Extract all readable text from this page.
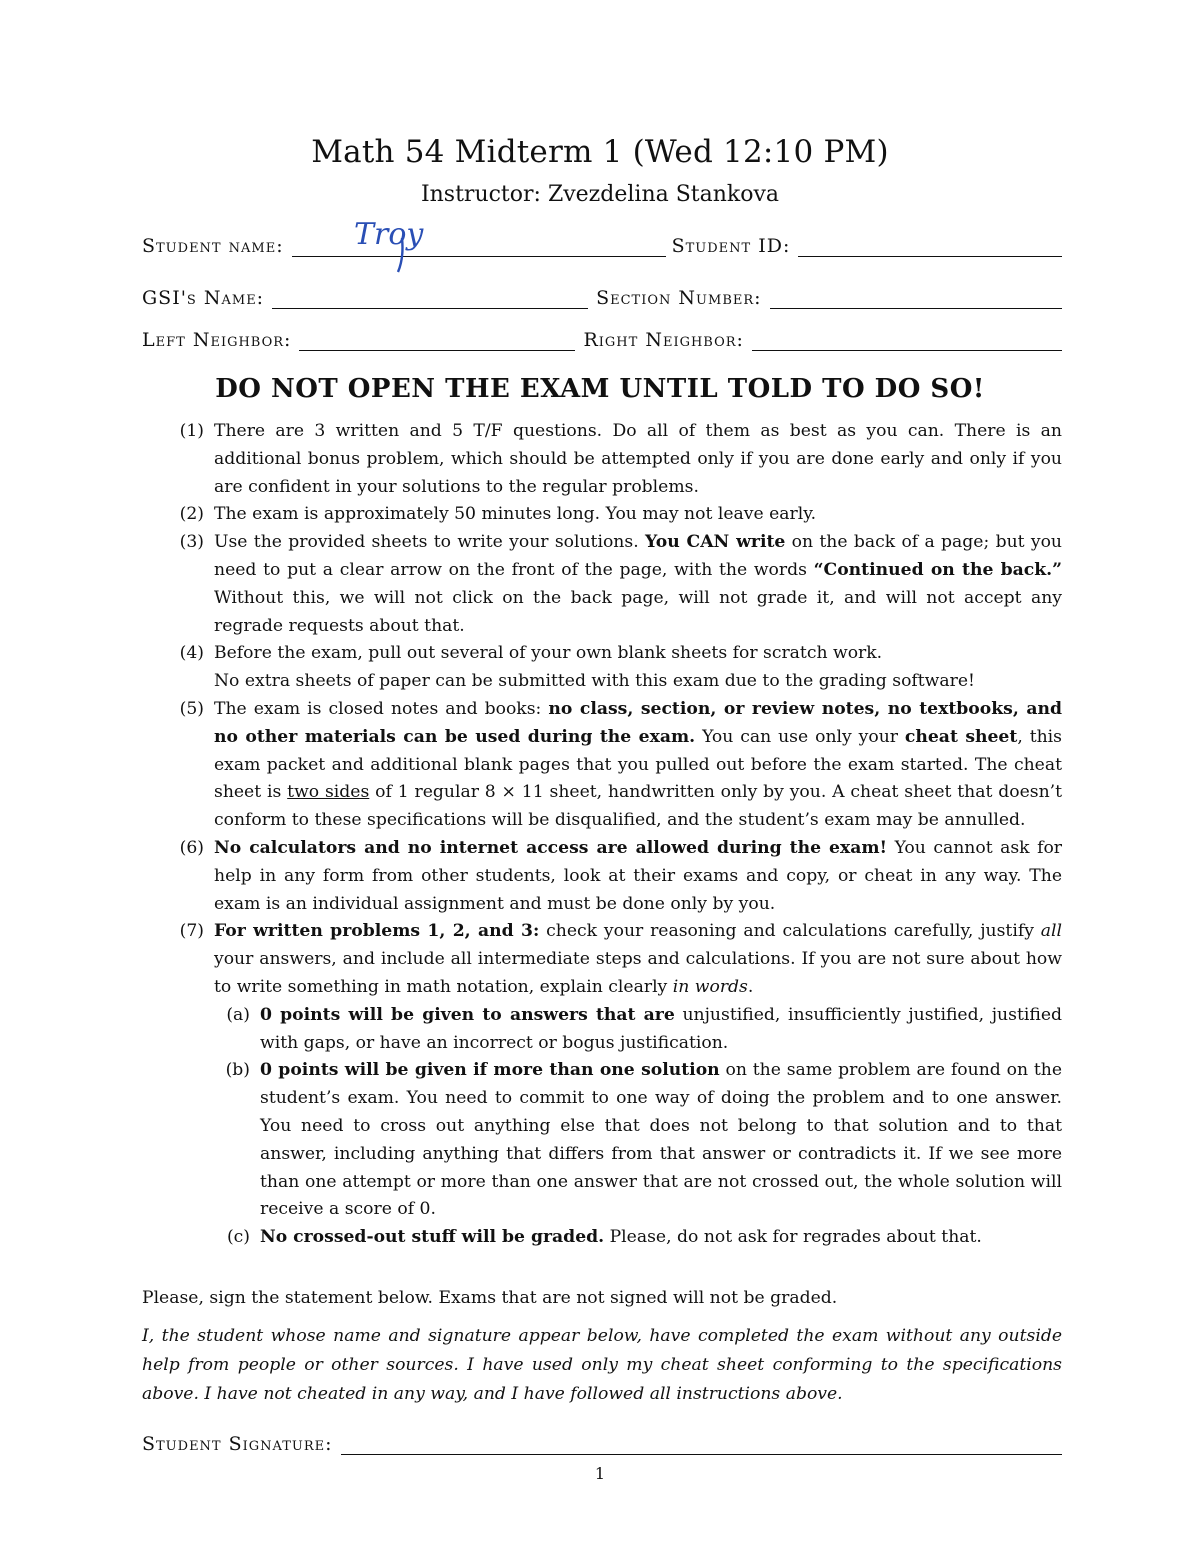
Math 54 Midterm 1 (Wed 12:10 PM)
Instructor: Zvezdelina Stankova
Student name:	Student ID:
Troy
GSI's Name:	Section Number:
Left Neighbor:	Right Neighbor:
DO NOT OPEN THE EXAM UNTIL TOLD TO DO SO!
(1) There are 3 written and 5 T/F questions. Do all of them as best as you can. There is an additional bonus problem, which should be attempted only if you are done early and only if you are confident in your solutions to the regular problems.
(2) The exam is approximately 50 minutes long. You may not leave early.
(3) Use the provided sheets to write your solutions. You CAN write on the back of a page; but you need to put a clear arrow on the front of the page, with the words “Continued on the back.” Without this, we will not click on the back page, will not grade it, and will not accept any regrade requests about that.
(4) Before the exam, pull out several of your own blank sheets for scratch work.
No extra sheets of paper can be submitted with this exam due to the grading software!
(5) The exam is closed notes and books: no class, section, or review notes, no textbooks, and no other materials can be used during the exam. You can use only your cheat sheet, this exam packet and additional blank pages that you pulled out before the exam started. The cheat sheet is two sides of 1 regular 8 × 11 sheet, handwritten only by you. A cheat sheet that doesn’t conform to these specifications will be disqualified, and the student’s exam may be annulled.
(6) No calculators and no internet access are allowed during the exam! You cannot ask for help in any form from other students, look at their exams and copy, or cheat in any way. The exam is an individual assignment and must be done only by you.
(7) For written problems 1, 2, and 3: check your reasoning and calculations carefully, justify all your answers, and include all intermediate steps and calculations. If you are not sure about how to write something in math notation, explain clearly in words.
(a) 0 points will be given to answers that are unjustified, insufficiently justified, justified with gaps, or have an incorrect or bogus justification.
(b) 0 points will be given if more than one solution on the same problem are found on the student’s exam. You need to commit to one way of doing the problem and to one answer. You need to cross out anything else that does not belong to that solution and to that answer, including anything that differs from that answer or contradicts it. If we see more than one attempt or more than one answer that are not crossed out, the whole solution will receive a score of 0.
(c) No crossed-out stuff will be graded. Please, do not ask for regrades about that.
Please, sign the statement below. Exams that are not signed will not be graded.
I, the student whose name and signature appear below, have completed the exam without any outside help from people or other sources. I have used only my cheat sheet conforming to the specifications above. I have not cheated in any way, and I have followed all instructions above.
Student Signature:
1
